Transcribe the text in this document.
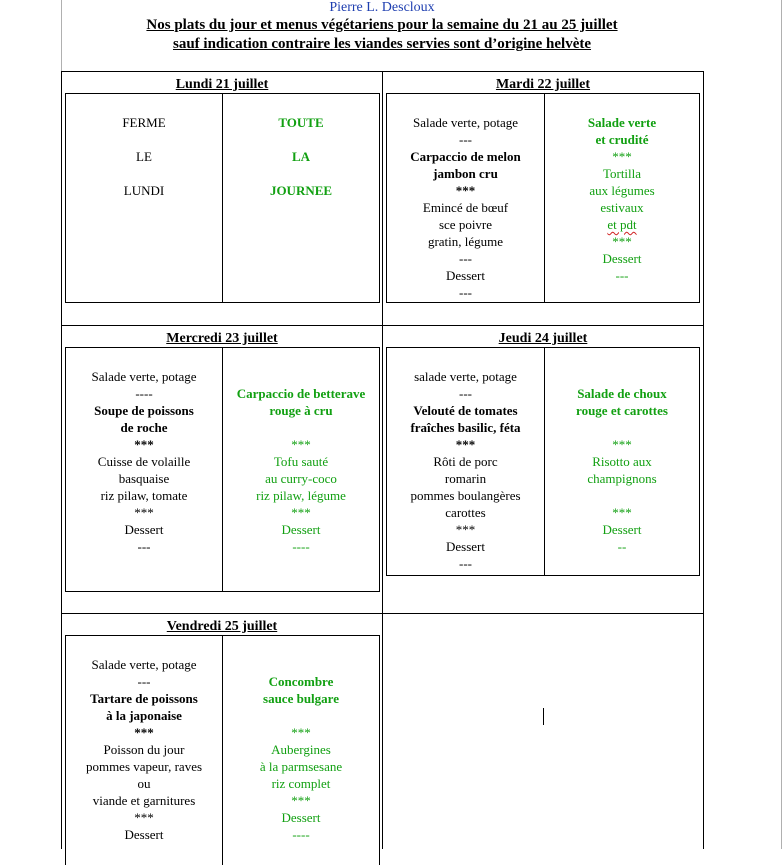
Pierre L. Descloux
Nos plats du jour et menus végétariens pour la semaine du 21 au 25 juillet
sauf indication contraire les viandes servies sont d’origine helvète
Lundi 21 juillet
FERME

LE

LUNDI
TOUTE

LA

JOURNEE
Mardi 22 juillet
Salade verte, potage
---
Carpaccio de melon
jambon cru
***
Emincé de bœuf
sce poivre
gratin, légume
---
Dessert
---
Salade verte
et crudité
***
Tortilla
aux légumes
estivaux
et pdt
***
Dessert
---
Mercredi 23 juillet
Salade verte, potage
----
Soupe de poissons
de roche
***
Cuisse de volaille
basquaise
riz pilaw, tomate
***
Dessert
---
Carpaccio de betterave
rouge à cru

***
Tofu sauté
au curry-coco
riz pilaw, légume
***
Dessert
----
Jeudi 24 juillet
salade verte, potage
---
Velouté de tomates
fraîches basilic, féta
***
Rôti de porc
romarin
pommes boulangères
carottes
***
Dessert
---
Salade de choux
rouge et carottes

***
Risotto aux
champignons

***
Dessert
--
Vendredi 25 juillet
Salade verte, potage
---
Tartare de poissons
à la japonaise
***
Poisson du jour
pommes vapeur, raves
ou
viande et garnitures
***
Dessert
Concombre
sauce bulgare

***
Aubergines
à la parmsesane
riz complet
***
Dessert
----
